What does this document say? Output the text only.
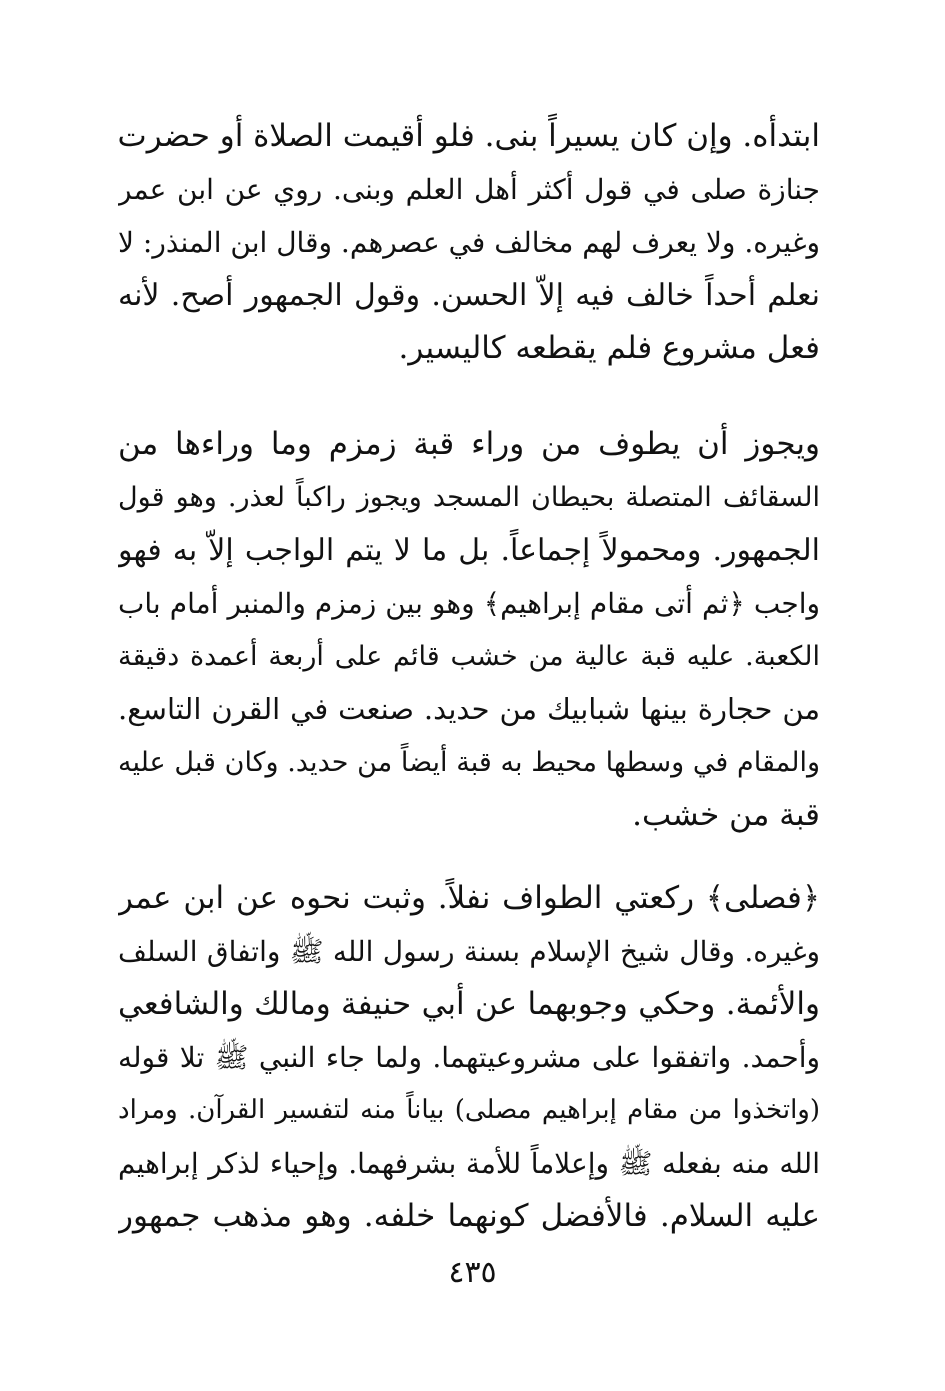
ابتدأه. وإن كان يسيراً بنى. فلو أقيمت الصلاة أو حضرت
جنازة صلى في قول أكثر أهل العلم وبنى. روي عن ابن عمر
وغيره. ولا يعرف لهم مخالف في عصرهم. وقال ابن المنذر: لا
نعلم أحداً خالف فيه إلاّ الحسن. وقول الجمهور أصح. لأنه
فعل مشروع فلم يقطعه كاليسير.
ويجوز أن يطوف من وراء قبة زمزم وما وراءها من
السقائف المتصلة بحيطان المسجد ويجوز راكباً لعذر. وهو قول
الجمهور. ومحمولاً إجماعاً. بل ما لا يتم الواجب إلاّ به فهو
واجب ﴿ثم أتى مقام إبراهيم﴾ وهو بين زمزم والمنبر أمام باب
الكعبة. عليه قبة عالية من خشب قائم على أربعة أعمدة دقيقة
من حجارة بينها شبابيك من حديد. صنعت في القرن التاسع.
والمقام في وسطها محيط به قبة أيضاً من حديد. وكان قبل عليه
قبة من خشب.
﴿فصلى﴾ ركعتي الطواف نفلاً. وثبت نحوه عن ابن عمر
وغيره. وقال شيخ الإسلام بسنة رسول الله ﷺ واتفاق السلف
والأئمة. وحكي وجوبهما عن أبي حنيفة ومالك والشافعي
وأحمد. واتفقوا على مشروعيتهما. ولما جاء النبي ﷺ تلا قوله
(واتخذوا من مقام إبراهيم مصلى) بياناً منه لتفسير القرآن. ومراد
الله منه بفعله ﷺ وإعلاماً للأمة بشرفهما. وإحياء لذكر إبراهيم
عليه السلام. فالأفضل كونهما خلفه. وهو مذهب جمهور
٤٣٥
